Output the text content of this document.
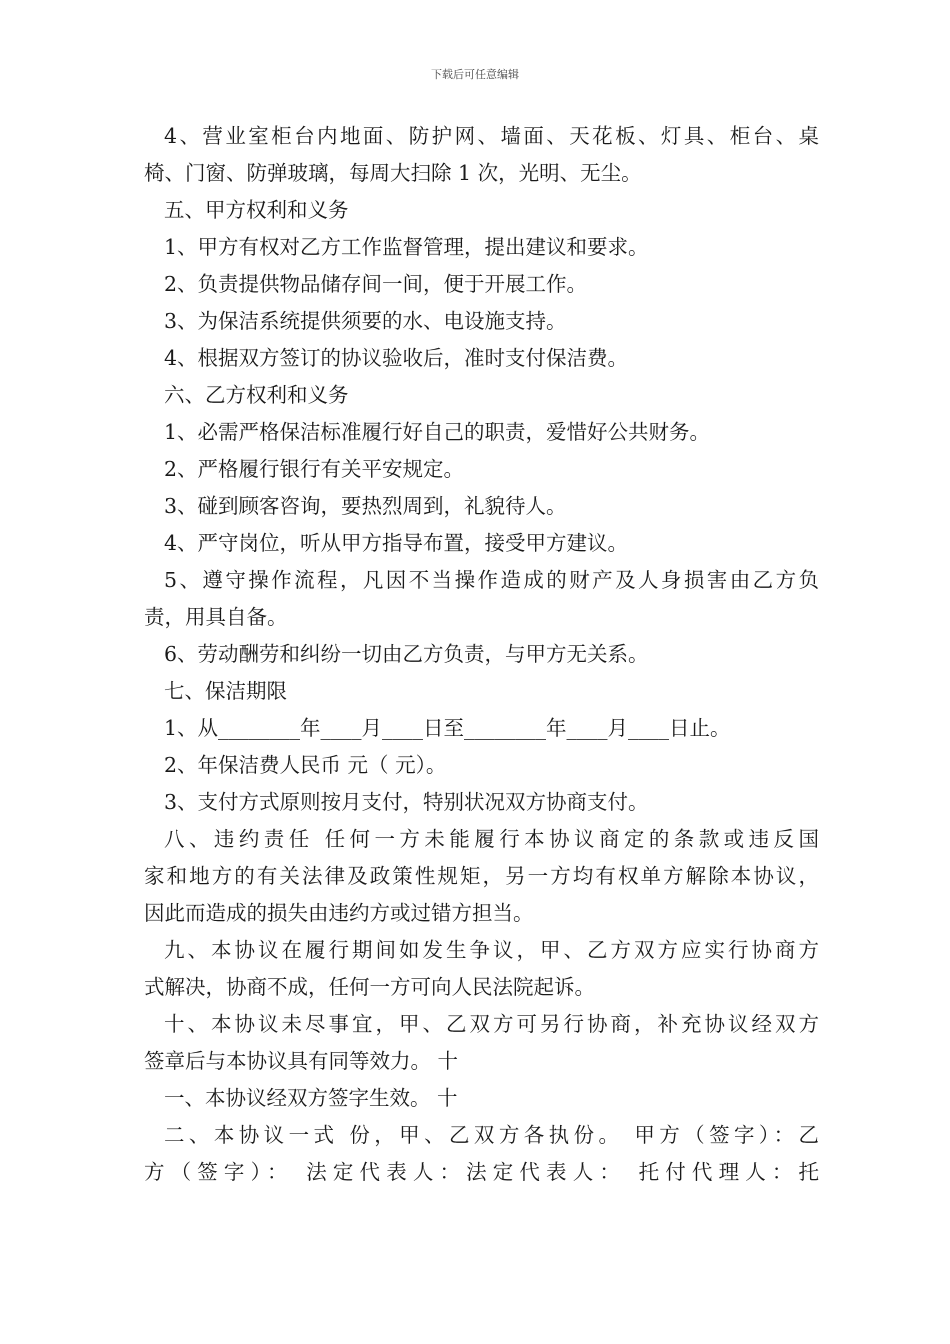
下载后可任意编辑

4、营业室柜台内地面、防护网、墙面、天花板、灯具、柜台、桌

椅、门窗、防弹玻璃，每周大扫除 1 次，光明、无尘。

五、甲方权利和义务

1、甲方有权对乙方工作监督管理，提出建议和要求。

2、负责提供物品储存间一间，便于开展工作。

3、为保洁系统提供须要的水、电设施支持。

4、根据双方签订的协议验收后，准时支付保洁费。

六、乙方权利和义务

1、必需严格保洁标准履行好自己的职责，爱惜好公共财务。

2、严格履行银行有关平安规定。

3、碰到顾客咨询，要热烈周到，礼貌待人。

4、严守岗位，听从甲方指导布置，接受甲方建议。

5、遵守操作流程，凡因不当操作造成的财产及人身损害由乙方负

责，用具自备。

6、劳动酬劳和纠纷一切由乙方负责，与甲方无关系。

七、保洁期限

1、从________年____月____日至________年____月____日止。

2、年保洁费人民币 元（ 元）。

3、支付方式原则按月支付，特别状况双方协商支付。

八、违约责任 任何一方未能履行本协议商定的条款或违反国

家和地方的有关法律及政策性规矩，另一方均有权单方解除本协议，

因此而造成的损失由违约方或过错方担当。

九、本协议在履行期间如发生争议，甲、乙方双方应实行协商方

式解决，协商不成，任何一方可向人民法院起诉。

十、本协议未尽事宜，甲、乙双方可另行协商，补充协议经双方

签章后与本协议具有同等效力。 十

一、本协议经双方签字生效。 十

二、本协议一式 份，甲、乙双方各执份。 甲方（签字）：乙

方（签字）： 法定代表人：法定代表人： 托付代理人：托
